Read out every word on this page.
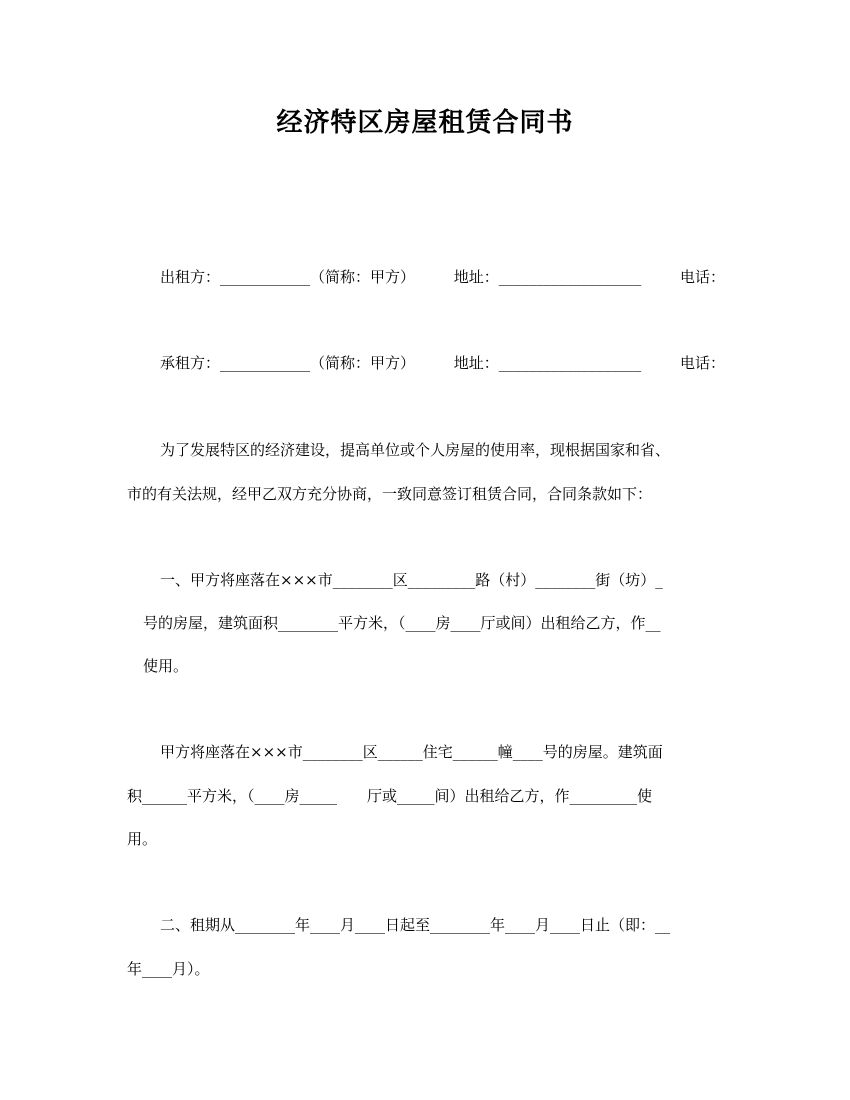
经济特区房屋租赁合同书
出租方：____________（简称：甲方）	地址：___________________	电话：
承租方：____________（简称：甲方）	地址：___________________	电话：
为了发展特区的经济建设，提高单位或个人房屋的使用率，现根据国家和省、
市的有关法规，经甲乙双方充分协商，一致同意签订租赁合同，合同条款如下：
一、甲方将座落在×××市________区_________路（村）________街（坊）_
号的房屋，建筑面积________平方米，（____房____厅或间）出租给乙方，作__
使用。
甲方将座落在×××市________区______住宅______幢____号的房屋。建筑面
积______平方米，（____房_____　　厅或_____间）出租给乙方，作_________使
用。
二、租期从________年____月____日起至________年____月____日止（即：__
年____月）。
